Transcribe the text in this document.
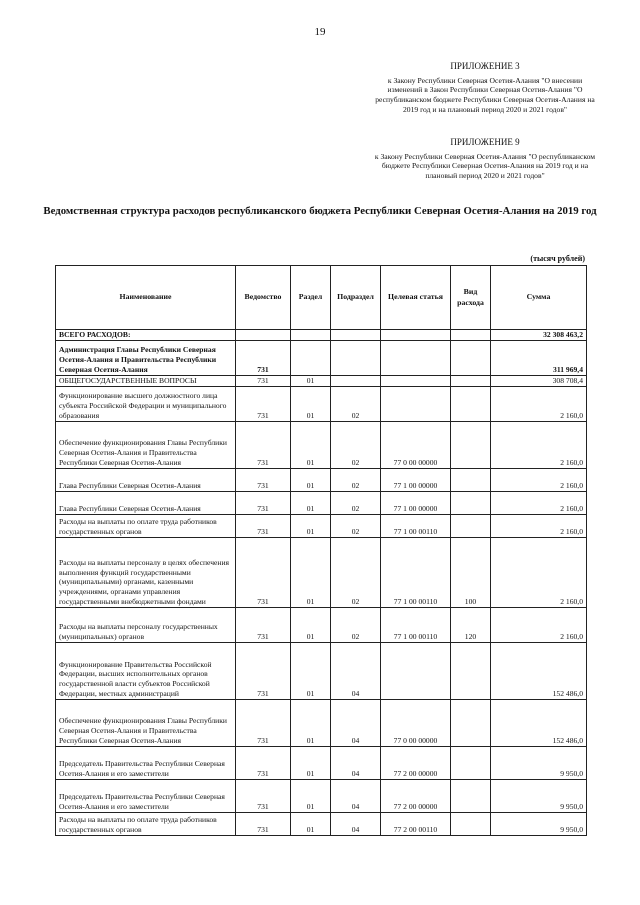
19
ПРИЛОЖЕНИЕ 3
к Закону Республики Северная Осетия-Алания "О внесении изменений в Закон Республики Северная Осетия-Алания "О республиканском бюджете Республики Северная Осетия-Алания на 2019 год и на плановый период 2020 и 2021 годов"
ПРИЛОЖЕНИЕ 9
к Закону Республики Северная Осетия-Алания "О республиканском бюджете Республики Северная Осетия-Алания на 2019 год и на плановый период 2020 и 2021 годов"
Ведомственная структура расходов республиканского бюджета Республики Северная Осетия-Алания на 2019 год
(тысяч рублей)
Наименование	Ведомство	Раздел	Подраздел	Целевая статья	Вид расхода	Сумма
ВСЕГО РАСХОДОВ:						32 308 463,2
Администрация Главы Республики Северная Осетия-Алания и Правительства Республики Северная Осетия-Алания	731					311 969,4
ОБЩЕГОСУДАРСТВЕННЫЕ ВОПРОСЫ	731	01				308 708,4
Функционирование высшего должностного лица субъекта Российской Федерации и муниципального образования	731	01	02			2 160,0
Обеспечение функционирования Главы Республики Северная Осетия-Алания и Правительства Республики Северная Осетия-Алания	731	01	02	77 0 00 00000		2 160,0
Глава Республики Северная Осетия-Алания	731	01	02	77 1 00 00000		2 160,0
Глава Республики Северная Осетия-Алания	731	01	02	77 1 00 00000		2 160,0
Расходы на выплаты по оплате труда работников государственных органов	731	01	02	77 1 00 00110		2 160,0
Расходы на выплаты персоналу в целях обеспечения выполнения функций государственными (муниципальными) органами, казенными учреждениями, органами управления государственными внебюджетными фондами	731	01	02	77 1 00 00110	100	2 160,0
Расходы на выплаты персоналу государственных (муниципальных) органов	731	01	02	77 1 00 00110	120	2 160,0
Функционирование Правительства Российской Федерации, высших исполнительных органов государственной власти субъектов Российской Федерации, местных администраций	731	01	04			152 486,0
Обеспечение функционирования Главы Республики Северная Осетия-Алания и Правительства Республики Северная Осетия-Алания	731	01	04	77 0 00 00000		152 486,0
Председатель Правительства Республики Северная Осетия-Алания и его заместители	731	01	04	77 2 00 00000		9 950,0
Председатель Правительства Республики Северная Осетия-Алания и его заместители	731	01	04	77 2 00 00000		9 950,0
Расходы на выплаты по оплате труда работников государственных органов	731	01	04	77 2 00 00110		9 950,0
